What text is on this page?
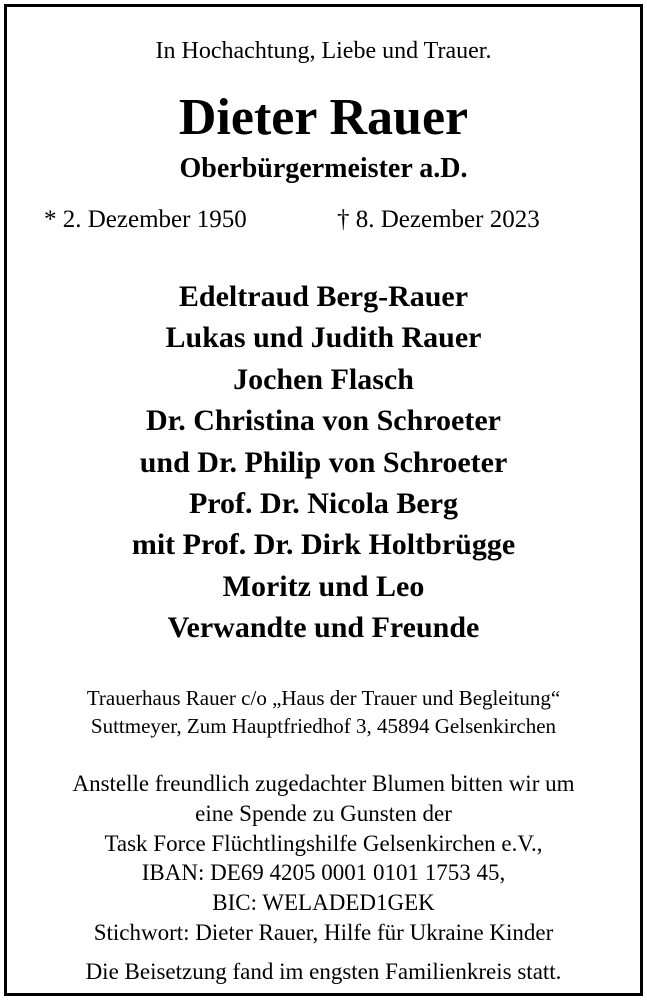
In Hochachtung, Liebe und Trauer.
Dieter Rauer
Oberbürgermeister a.D.
* 2. Dezember 1950	† 8. Dezember 2023
Edeltraud Berg-Rauer
Lukas und Judith Rauer
Jochen Flasch
Dr. Christina von Schroeter
und Dr. Philip von Schroeter
Prof. Dr. Nicola Berg
mit Prof. Dr. Dirk Holtbrügge
Moritz und Leo
Verwandte und Freunde
Trauerhaus Rauer c/o „Haus der Trauer und Begleitung“
Suttmeyer, Zum Hauptfriedhof 3, 45894 Gelsenkirchen
Anstelle freundlich zugedachter Blumen bitten wir um
eine Spende zu Gunsten der
Task Force Flüchtlingshilfe Gelsenkirchen e.V.,
IBAN: DE69 4205 0001 0101 1753 45,
BIC: WELADED1GEK
Stichwort: Dieter Rauer, Hilfe für Ukraine Kinder
Die Beisetzung fand im engsten Familienkreis statt.
